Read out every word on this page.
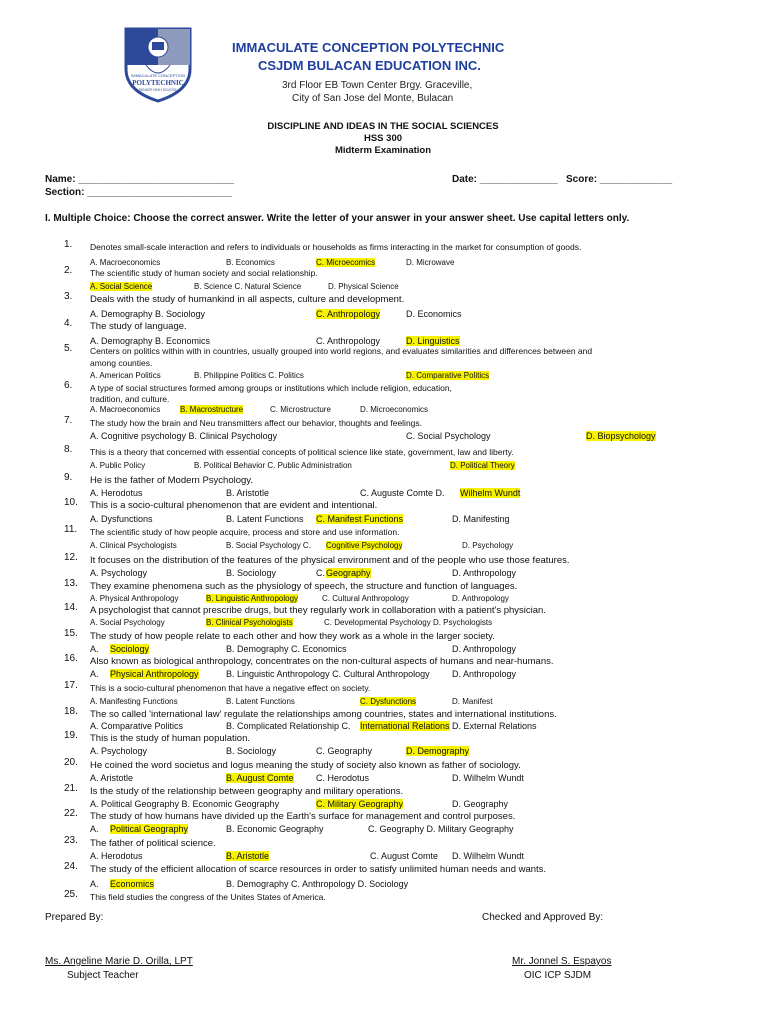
IMMACULATE CONCEPTION
POLYTECHNIC
SENIOR HIGH SCHOOL
IMMACULATE CONCEPTION POLYTECHNIC
CSJDM BULACAN EDUCATION INC.
3rd Floor EB Town Center Brgy. Graceville,
City of San Jose del Monte, Bulacan
DISCIPLINE AND IDEAS IN THE SOCIAL SCIENCES
HSS 300
Midterm Examination
Name: ____________________________
Section: __________________________
Date: ______________ Score: _____________
I. Multiple Choice: Choose the correct answer. Write the letter of your answer in your answer sheet. Use capital letters only.
1. Denotes small-scale interaction and refers to individuals or households as firms interacting in the market for consumption of goods.
A. Macroeconomics	B. Economics	C. Microecomics	D. Microwave
2. The scientific study of human society and social relationship.
A. Social Science	B. Science C. Natural Science	D. Physical Science
3. Deals with the study of humankind in all aspects, culture and development.
A. Demography B. Sociology	C. Anthropology	D. Economics
4. The study of language.
A. Demography B. Economics	C. Anthropology	D. Linguistics
5. Centers on politics within with in countries, usually grouped into world regions, and evaluates similarities and differences between and
among counties.
A. American Politics	B. Philippine Politics C. Politics	D. Comparative Politics
6. A type of social structures formed among groups or institutions which include religion, education,
tradition, and culture.
A. Macroeconomics B. Macrostructure	C. Microstructure	D. Microeconomics
7. The study how the brain and Neu transmitters affect our behavior, thoughts and feelings.
A. Cognitive psychology B. Clinical Psychology	C. Social Psychology	D. Biopsychology
8. This is a theory that concerned with essential concepts of political science like state, government, law and liberty.
A. Public Policy	B. Political Behavior C. Public Administration	D. Political Theory
9. He is the father of Modern Psychology.
A. Herodotus	B. Aristotle	C. Auguste Comte D. Wilhelm Wundt
10. This is a socio-cultural phenomenon that are evident and intentional.
A. Dysfunctions	B. Latent Functions C. Manifest Functions	D. Manifesting
11. The scientific study of how people acquire, process and store and use information.
A. Clinical Psychologists	B. Social Psychology C. Cognitive Psychology	D. Psychology
12. It focuses on the distribution of the features of the physical environment and of the people who use those features.
A. Psychology	B. Sociology	C. Geography	D. Anthropology
13. They examine phenomena such as the physiology of speech, the structure and function of languages.
A. Physical Anthropology	B. Linguistic Anthropology	C. Cultural Anthropology	D. Anthropology
14. A psychologist that cannot prescribe drugs, but they regularly work in collaboration with a patient's physician.
A. Social Psychology	B. Clinical Psychologists	C. Developmental Psychology D. Psychologists
15. The study of how people relate to each other and how they work as a whole in the larger society.
A. Sociology	B. Demography C. Economics	D. Anthropology
16. Also known as biological anthropology, concentrates on the non-cultural aspects of humans and near-humans.
A. Physical Anthropology	B. Linguistic Anthropology C. Cultural Anthropology D. Anthropology
17. This is a socio-cultural phenomenon that have a negative effect on society.
A. Manifesting Functions	B. Latent Functions	C. Dysfunctions	D. Manifest
18. The so called 'international law' regulate the relationships among countries, states and international institutions.
A. Comparative Politics	B. Complicated Relationship C. International Relations D. External Relations
19. This is the study of human population.
A. Psychology	B. Sociology	C. Geography	D. Demography
20. He coined the word societus and logus meaning the study of society also known as father of sociology.
A. Aristotle	B. August Comte C. Herodotus	D. Wilhelm Wundt
21. Is the study of the relationship between geography and military operations.
A. Political Geography B. Economic Geography	C. Military Geography	D. Geography
22. The study of how humans have divided up the Earth's surface for management and control purposes.
A. Political Geography	B. Economic Geography	C. Geography D. Military Geography
23. The father of political science.
A. Herodotus	B. Aristotle	C. August Comte D. Wilhelm Wundt
24. The study of the efficient allocation of scarce resources in order to satisfy unlimited human needs and wants.
A. Economics	B. Demography C. Anthropology D. Sociology
25. This field studies the congress of the Unites States of America.
Prepared By:	Checked and Approved By:
Ms. Angeline Marie D. Orilla, LPT
Subject Teacher
Mr. Jonnel S. Espayos
OIC ICP SJDM
